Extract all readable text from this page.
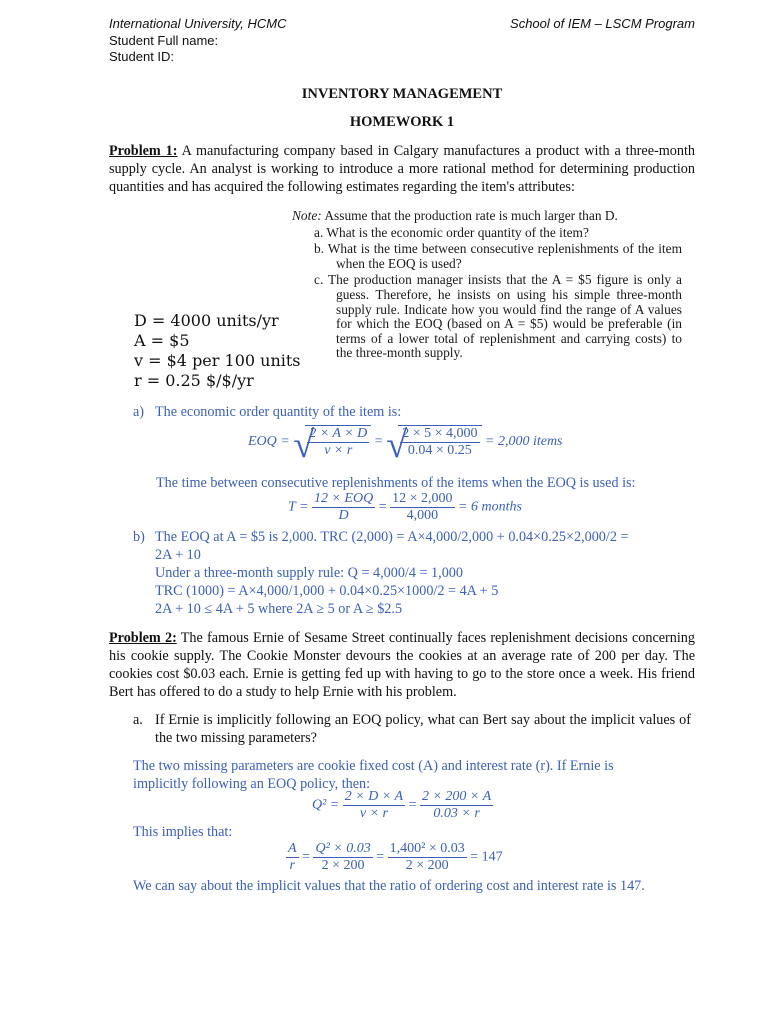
International University, HCMC	School of IEM – LSCM Program
Student Full name:
Student ID:
INVENTORY MANAGEMENT
HOMEWORK 1
Problem 1: A manufacturing company based in Calgary manufactures a product with a three-month supply cycle. An analyst is working to introduce a more rational method for determining production quantities and has acquired the following estimates regarding the item's attributes:
Note: Assume that the production rate is much larger than D.
a. What is the economic order quantity of the item?
b. What is the time between consecutive replenishments of the item when the EOQ is used?
c. The production manager insists that the A = $5 figure is only a guess. Therefore, he insists on using his simple three-month supply rule. Indicate how you would find the range of A values for which the EOQ (based on A = $5) would be preferable (in terms of a lower total of replenishment and carrying costs) to the three-month supply.
D = 4000 units/yr
A = $5
v = $4 per 100 units
r = 0.25 $/$/yr
a) The economic order quantity of the item is:
EOQ = √
$\frac{2 \times A \times D}{v \times r}$ = √
$\frac{2 \times 5 \times 4,000}{0.04 \times 0.25} = 2,000$ items
The time between consecutive replenishments of the items when the EOQ is used is:
$T = \frac{\text{12 × EOQ}}{D} = \frac{12 \times 2,000}{4,000} = 6$ months
b) The EOQ at A = $5 is 2,000. TRC (2,000) = A×4,000/2,000 + 0.04×0.25×2,000/2 =
2A + 10
Under a three-month supply rule: Q = 4,000/4 = 1,000
TRC (1000) = A×4,000/1,000 + 0.04×0.25×1000/2 = 4A + 5
2A + 10 ≤ 4A + 5 where 2A ≥ 5 or A ≥ $2.5
Problem 2: The famous Ernie of Sesame Street continually faces replenishment decisions concerning his cookie supply. The Cookie Monster devours the cookies at an average rate of 200 per day. The cookies cost $0.03 each. Ernie is getting fed up with having to go to the store once a week. His friend Bert has offered to do a study to help Ernie with his problem.
a. If Ernie is implicitly following an EOQ policy, what can Bert say about the implicit values of the two missing parameters?
The two missing parameters are cookie fixed cost (A) and interest rate (r). If Ernie is implicitly following an EOQ policy, then:
$Q^2 = \frac{2 \times D \times A}{v \times r} = \frac{2 \times 200 \times A}{0.03 \times r}$
This implies that:
$\frac{A}{r} = \frac{\text{Q² × 0.03}}{2 \times 200} = \frac{\text{1,400² × 0.03}}{2 \times 200} = 147$
We can say about the implicit values that the ratio of ordering cost and interest rate is 147.
